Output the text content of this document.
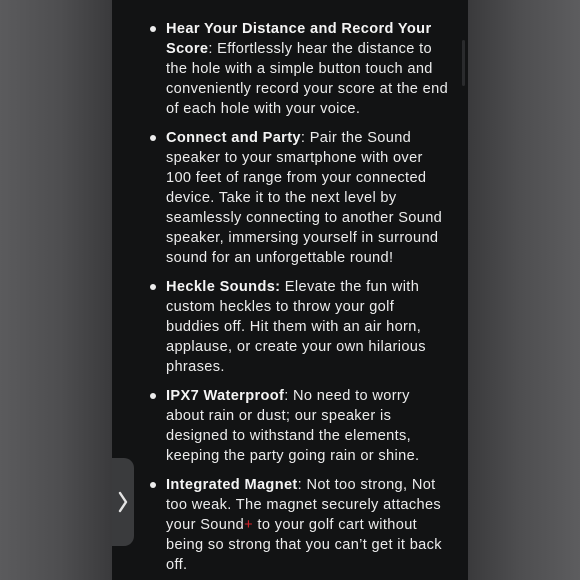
Hear Your Distance and Record Your Score: Effortlessly hear the distance to the hole with a simple button touch and conveniently record your score at the end of each hole with your voice.
Connect and Party: Pair the Sound speaker to your smartphone with over 100 feet of range from your connected device. Take it to the next level by seamlessly connecting to another Sound speaker, immersing yourself in surround sound for an unforgettable round!
Heckle Sounds: Elevate the fun with custom heckles to throw your golf buddies off. Hit them with an air horn, applause, or create your own hilarious phrases.
IPX7 Waterproof: No need to worry about rain or dust; our speaker is designed to withstand the elements, keeping the party going rain or shine.
Integrated Magnet: Not too strong, Not too weak. The magnet securely attaches your Sound+ to your golf cart without being so strong that you can’t get it back off.
